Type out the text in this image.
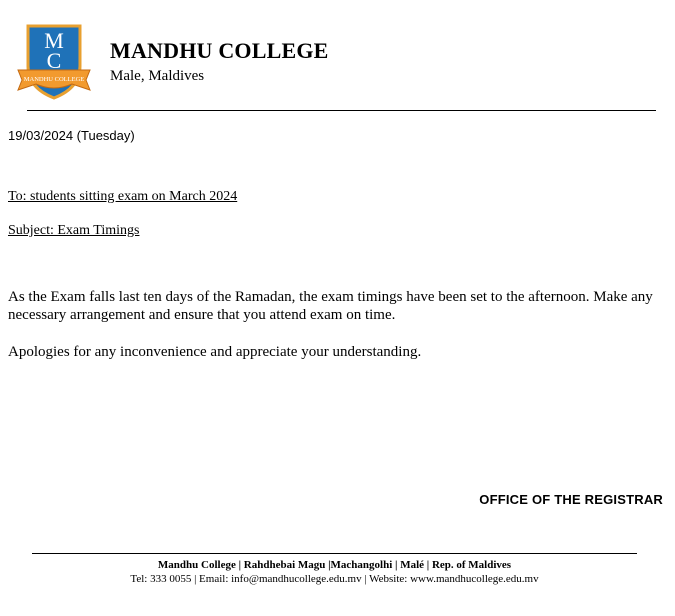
M
C
MANDHU COLLEGE
MANDHU COLLEGE
Male, Maldives
19/03/2024 (Tuesday)
To: students sitting exam on March 2024
Subject: Exam Timings
As the Exam falls last ten days of the Ramadan, the exam timings have been set to the afternoon. Make any necessary arrangement and ensure that you attend exam on time.
Apologies for any inconvenience and appreciate your understanding.
OFFICE OF THE REGISTRAR
Mandhu College | Rahdhebai Magu |Machangolhi | Malé | Rep. of Maldives
Tel: 333 0055 | Email: info@mandhucollege.edu.mv | Website: www.mandhucollege.edu.mv
